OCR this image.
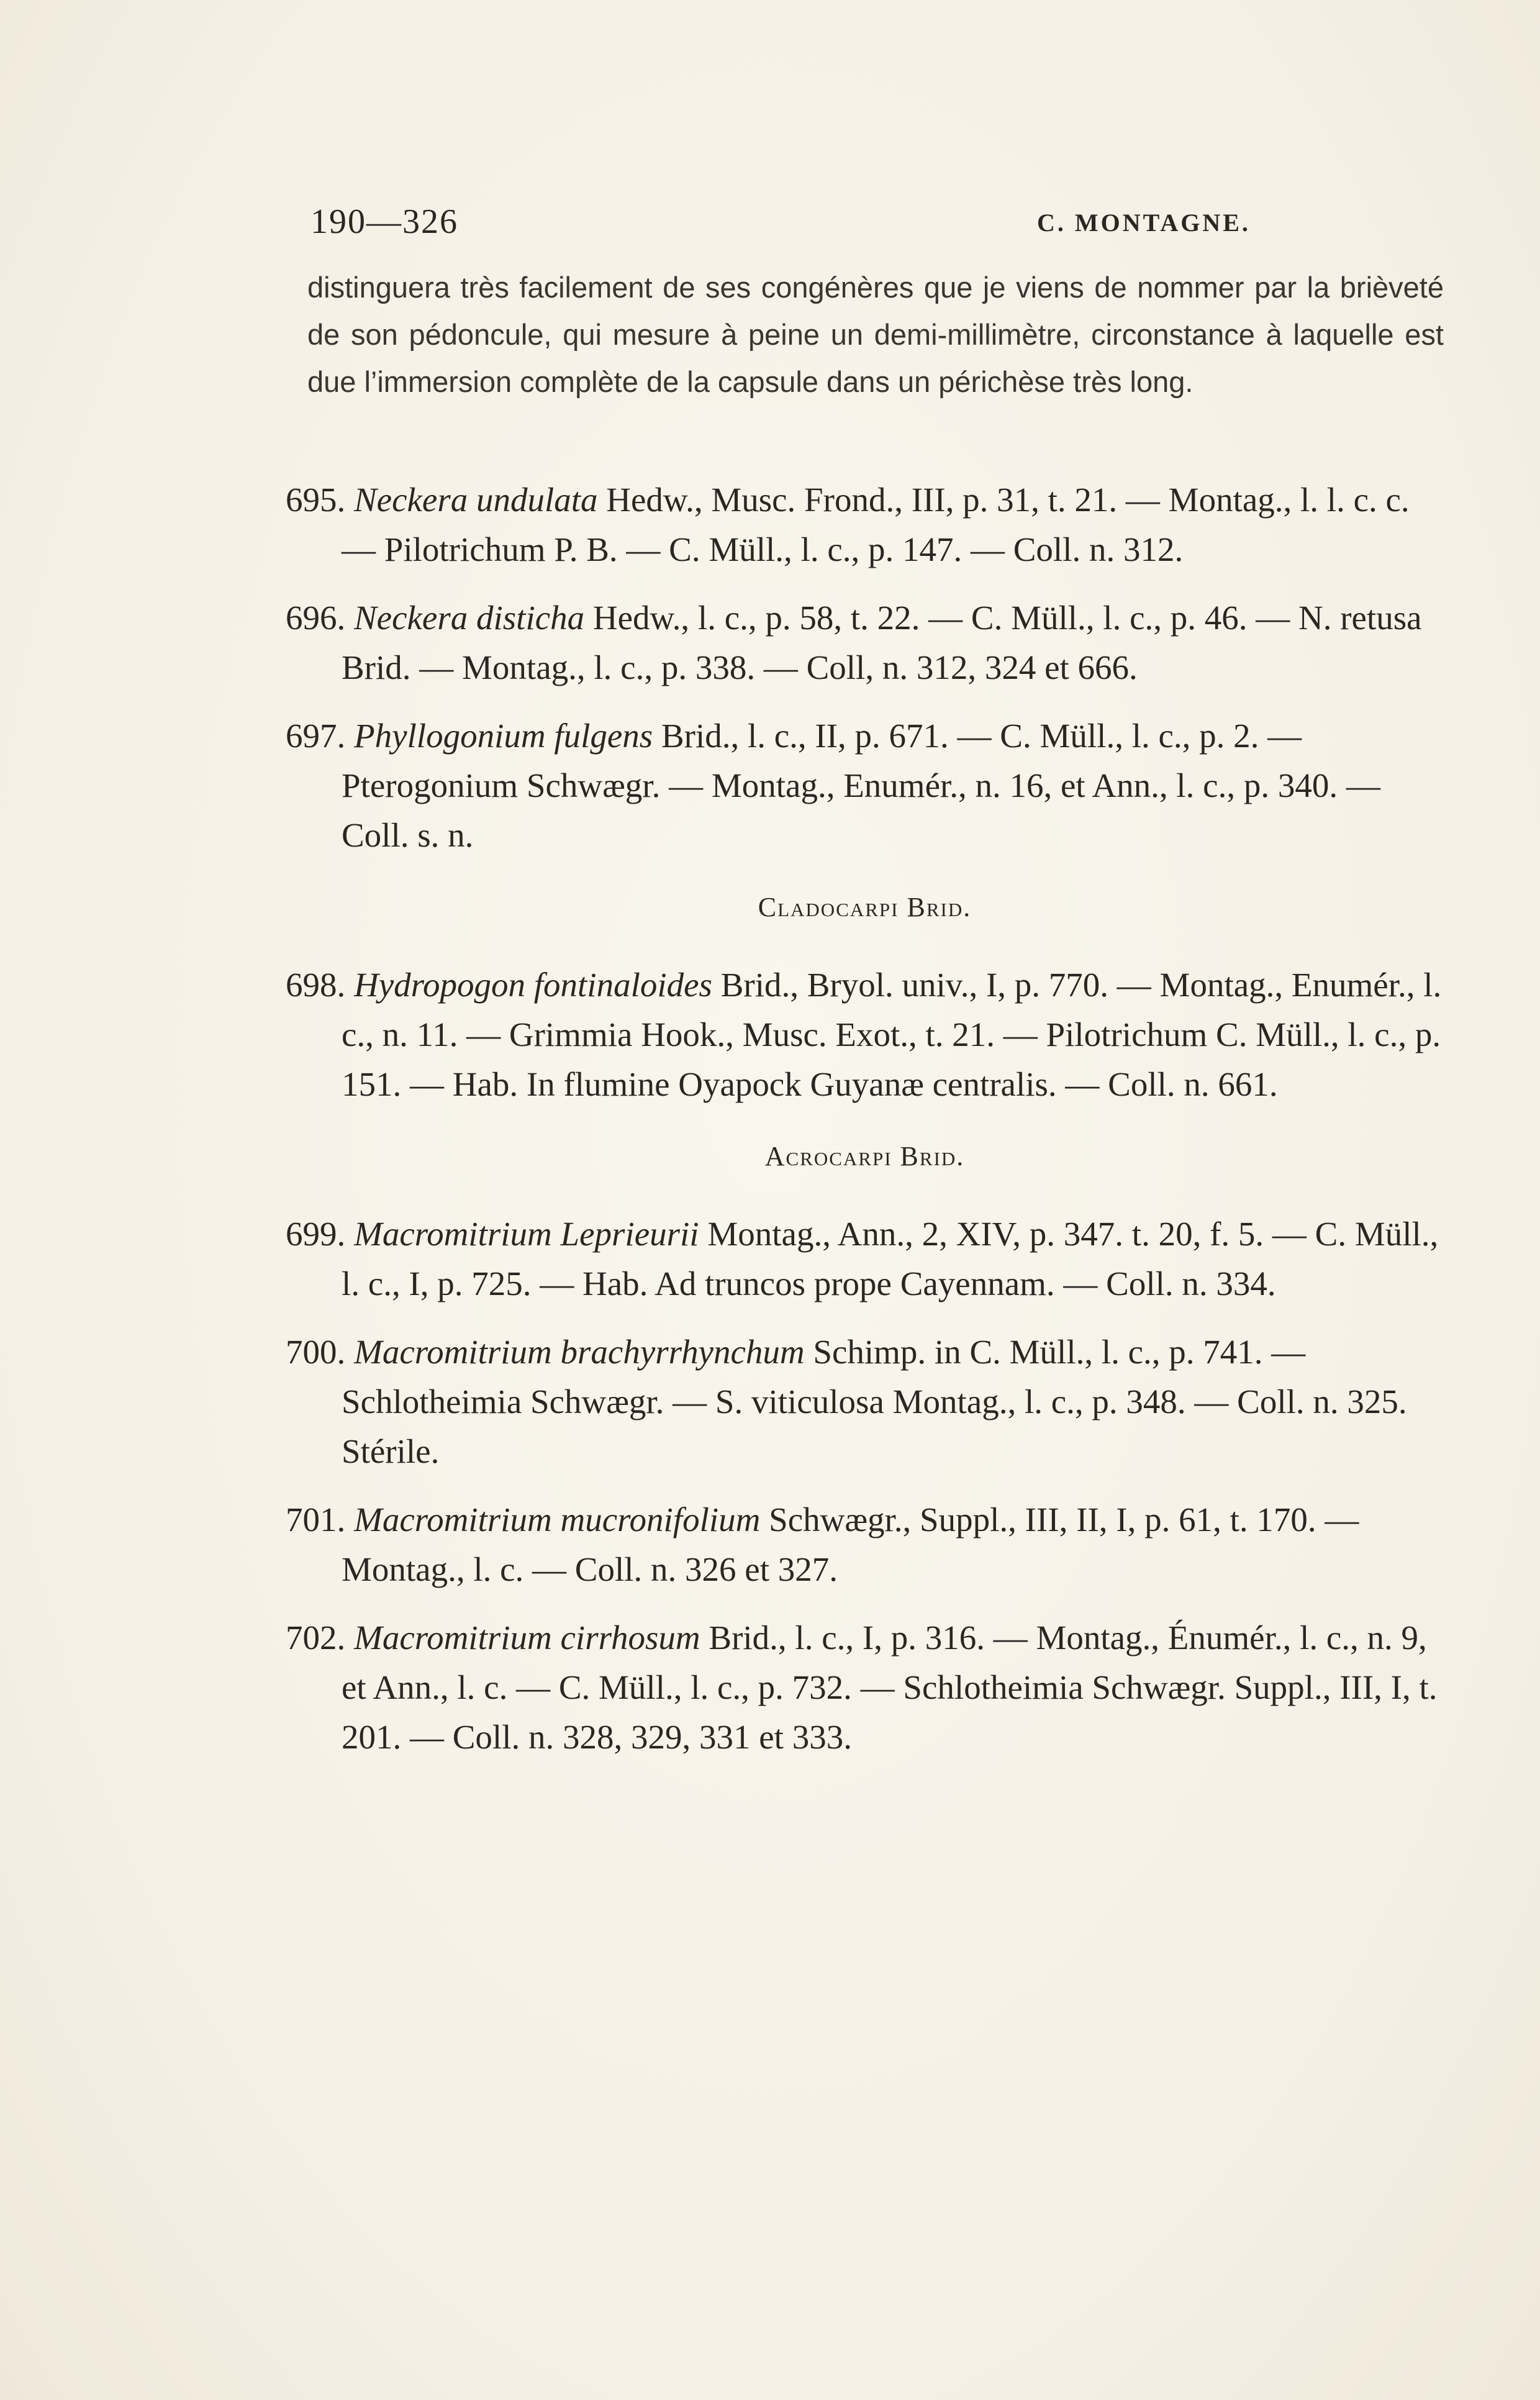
190—326	C. MONTAGNE.
distinguera très facilement de ses congénères que je viens de nommer par la brièveté de son pédoncule, qui mesure à peine un demi-millimètre, circonstance à laquelle est due l’immersion complète de la capsule dans un périchèse très long.
695. Neckera undulata Hedw., Musc. Frond., III, p. 31, t. 21. — Montag., l. l. c. c. — Pilotrichum P. B. — C. Müll., l. c., p. 147. — Coll. n. 312.
696. Neckera disticha Hedw., l. c., p. 58, t. 22. — C. Müll., l. c., p. 46. — N. retusa Brid. — Montag., l. c., p. 338. — Coll, n. 312, 324 et 666.
697. Phyllogonium fulgens Brid., l. c., II, p. 671. — C. Müll., l. c., p. 2. — Pterogonium Schwægr. — Montag., Enumér., n. 16, et Ann., l. c., p. 340. — Coll. s. n.
Cladocarpi Brid.
698. Hydropogon fontinaloides Brid., Bryol. univ., I, p. 770. — Montag., Enumér., l. c., n. 11. — Grimmia Hook., Musc. Exot., t. 21. — Pilotrichum C. Müll., l. c., p. 151. — Hab. In flumine Oyapock Guyanæ centralis. — Coll. n. 661.
Acrocarpi Brid.
699. Macromitrium Leprieurii Montag., Ann., 2, XIV, p. 347. t. 20, f. 5. — C. Müll., l. c., I, p. 725. — Hab. Ad truncos prope Cayennam. — Coll. n. 334.
700. Macromitrium brachyrrhynchum Schimp. in C. Müll., l. c., p. 741. — Schlotheimia Schwægr. — S. viticulosa Montag., l. c., p. 348. — Coll. n. 325. Stérile.
701. Macromitrium mucronifolium Schwægr., Suppl., III, II, I, p. 61, t. 170. — Montag., l. c. — Coll. n. 326 et 327.
702. Macromitrium cirrhosum Brid., l. c., I, p. 316. — Montag., Énumér., l. c., n. 9, et Ann., l. c. — C. Müll., l. c., p. 732. — Schlotheimia Schwægr. Suppl., III, I, t. 201. — Coll. n. 328, 329, 331 et 333.
